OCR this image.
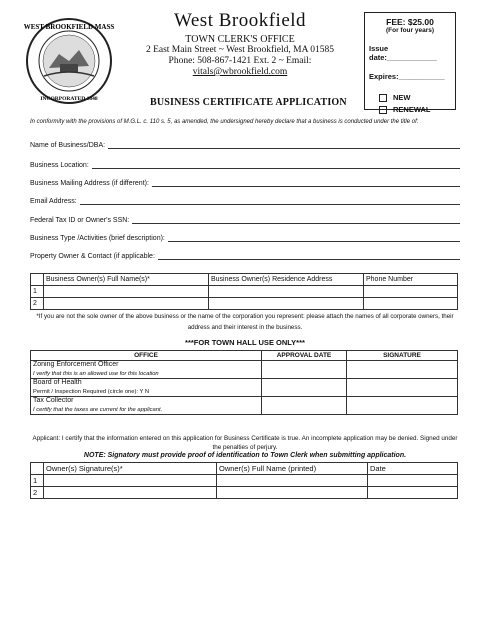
WEST BROOKFIELD MASS
INCORPORATED 1848
West Brookfield
TOWN CLERK'S OFFICE
2 East Main Street ~ West Brookfield, MA 01585
Phone: 508-867-1421 Ext. 2 ~ Email:
vitals@wbrookfield.com
FEE: $25.00
(For four years)
Issue date:____________
Expires:___________
NEW
RENEWAL
BUSINESS CERTIFICATE APPLICATION
In conformity with the provisions of M.G.L. c. 110 s. 5, as amended, the undersigned hereby declare that a business is conducted under the title of:
Name of Business/DBA:
Business Location:
Business Mailing Address (if different):
Email Address:
Federal Tax ID or Owner's SSN:
Business Type /Activities (brief description):
Property Owner & Contact (if applicable:
	Business Owner(s) Full Name(s)*	Business Owner(s) Residence Address	Phone Number
1			
2			
*If you are not the sole owner of the above business or the name of the corporation you represent: please attach the names of all corporate owners, their address and their interest in the business.
***FOR TOWN HALL USE ONLY***
OFFICE	APPROVAL DATE	SIGNATURE

Zoning Enforcement Officer
I verify that this is an allowed use for this location		

Board of Health
Permit / Inspection Required (circle one): Y N		

Tax Collector
I certify that the taxes are current for the applicant.		

Applicant: I certify that the information entered on this application for Business Certificate is true. An incomplete application may be denied. Signed under the penalties of perjury.
NOTE: Signatory must provide proof of identification to Town Clerk when submitting application.
	Owner(s) Signature(s)*	Owner(s) Full Name (printed)	Date
1			
2			
